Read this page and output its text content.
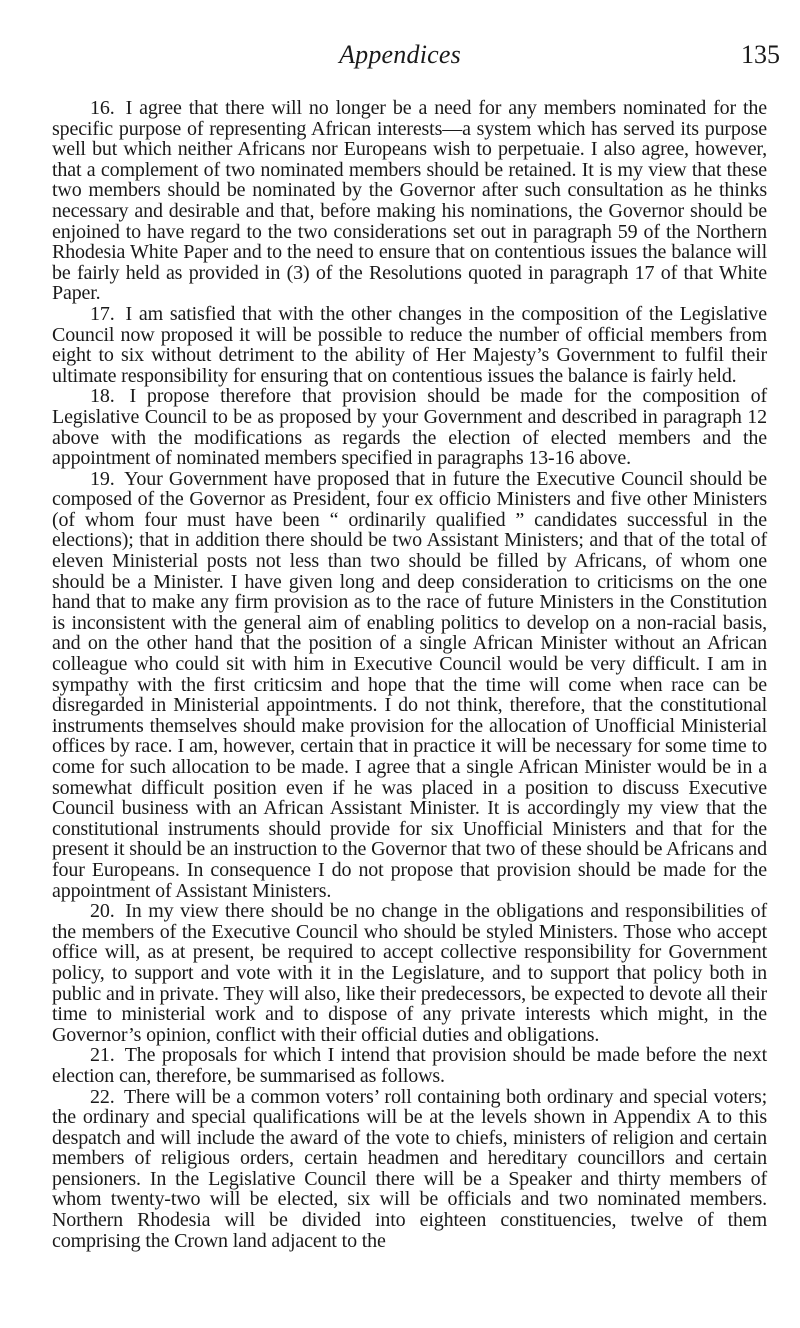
Appendices	135

16. I agree that there will no longer be a need for any members nominated for the specific purpose of representing African interests—a system which has served its purpose well but which neither Africans nor Europeans wish to perpetuaie. I also agree, however, that a complement of two nominated members should be retained. It is my view that these two members should be nominated by the Governor after such consultation as he thinks necessary and desirable and that, before making his nominations, the Governor should be enjoined to have regard to the two considerations set out in paragraph 59 of the Northern Rhodesia White Paper and to the need to ensure that on contentious issues the balance will be fairly held as provided in (3) of the Resolutions quoted in paragraph 17 of that White Paper.

17. I am satisfied that with the other changes in the composition of the Legislative Council now proposed it will be possible to reduce the number of official members from eight to six without detriment to the ability of Her Majesty’s Government to fulfil their ultimate responsibility for ensuring that on contentious issues the balance is fairly held.

18. I propose therefore that provision should be made for the composition of Legislative Council to be as proposed by your Government and described in paragraph 12 above with the modifications as regards the election of elected members and the appointment of nominated members specified in paragraphs 13-16 above.

19. Your Government have proposed that in future the Executive Council should be composed of the Governor as President, four ex officio Ministers and five other Ministers (of whom four must have been “ ordinarily qualified ” candidates successful in the elections); that in addition there should be two Assistant Ministers; and that of the total of eleven Ministerial posts not less than two should be filled by Africans, of whom one should be a Minister. I have given long and deep consideration to criticisms on the one hand that to make any firm provision as to the race of future Ministers in the Constitution is inconsistent with the general aim of enabling politics to develop on a non-racial basis, and on the other hand that the position of a single African Minister without an African colleague who could sit with him in Executive Council would be very difficult. I am in sympathy with the first criticsim and hope that the time will come when race can be disregarded in Ministerial appointments. I do not think, therefore, that the constitutional instruments themselves should make provision for the allocation of Unofficial Ministerial offices by race. I am, however, certain that in practice it will be necessary for some time to come for such allocation to be made. I agree that a single African Minister would be in a somewhat difficult position even if he was placed in a position to discuss Executive Council business with an African Assistant Minister. It is accordingly my view that the constitutional instruments should provide for six Unofficial Ministers and that for the present it should be an instruction to the Governor that two of these should be Africans and four Europeans. In consequence I do not propose that provision should be made for the appointment of Assistant Ministers.

20. In my view there should be no change in the obligations and responsibilities of the members of the Executive Council who should be styled Ministers. Those who accept office will, as at present, be required to accept collective responsibility for Government policy, to support and vote with it in the Legislature, and to support that policy both in public and in private. They will also, like their predecessors, be expected to devote all their time to ministerial work and to dispose of any private interests which might, in the Governor’s opinion, conflict with their official duties and obligations.

21. The proposals for which I intend that provision should be made before the next election can, therefore, be summarised as follows.

22. There will be a common voters’ roll containing both ordinary and special voters; the ordinary and special qualifications will be at the levels shown in Appendix A to this despatch and will include the award of the vote to chiefs, ministers of religion and certain members of religious orders, certain headmen and hereditary councillors and certain pensioners. In the Legislative Council there will be a Speaker and thirty members of whom twenty-two will be elected, six will be officials and two nominated members. Northern Rhodesia will be divided into eighteen constituencies, twelve of them comprising the Crown land adjacent to the
